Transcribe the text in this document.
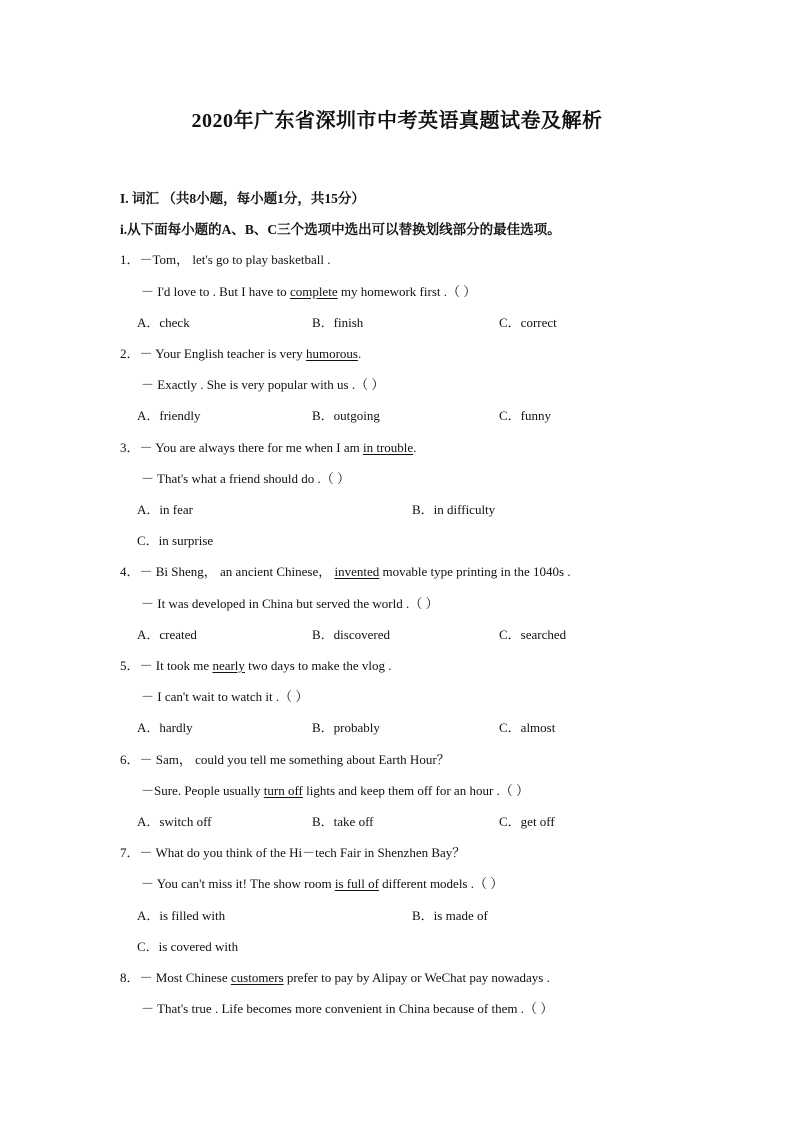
2020年广东省深圳市中考英语真题试卷及解析
I. 词汇 （共8小题，每小题1分，共15分）
i.从下面每小题的A、B、C三个选项中选出可以替换划线部分的最佳选项。
1．－Tom， let's go to play basketball .
－ I'd love to . But I have to complete my homework first .（ ）
A．check	B．finish	C．correct
2．－ Your English teacher is very humorous.
－ Exactly . She is very popular with us .（ ）
A．friendly	B．outgoing	C．funny
3．－ You are always there for me when I am in trouble.
－ That's what a friend should do .（ ）
A．in fear	B．in difficulty
C．in surprise
4．－ Bi Sheng， an ancient Chinese， invented movable type printing in the 1040s .
－ It was developed in China but served the world .（ ）
A．created	B．discovered	C．searched
5．－ It took me nearly two days to make the vlog .
－ I can't wait to watch it .（ ）
A．hardly	B．probably	C．almost
6．－ Sam， could you tell me something about Earth Hour？
－Sure. People usually turn off lights and keep them off for an hour .（ ）
A．switch off	B．take off	C．get off
7．－ What do you think of the Hi－tech Fair in Shenzhen Bay？
－ You can't miss it! The show room is full of different models .（ ）
A．is filled with	B．is made of
C．is covered with
8．－ Most Chinese customers prefer to pay by Alipay or WeChat pay nowadays .
－ That's true . Life becomes more convenient in China because of them .（ ）
